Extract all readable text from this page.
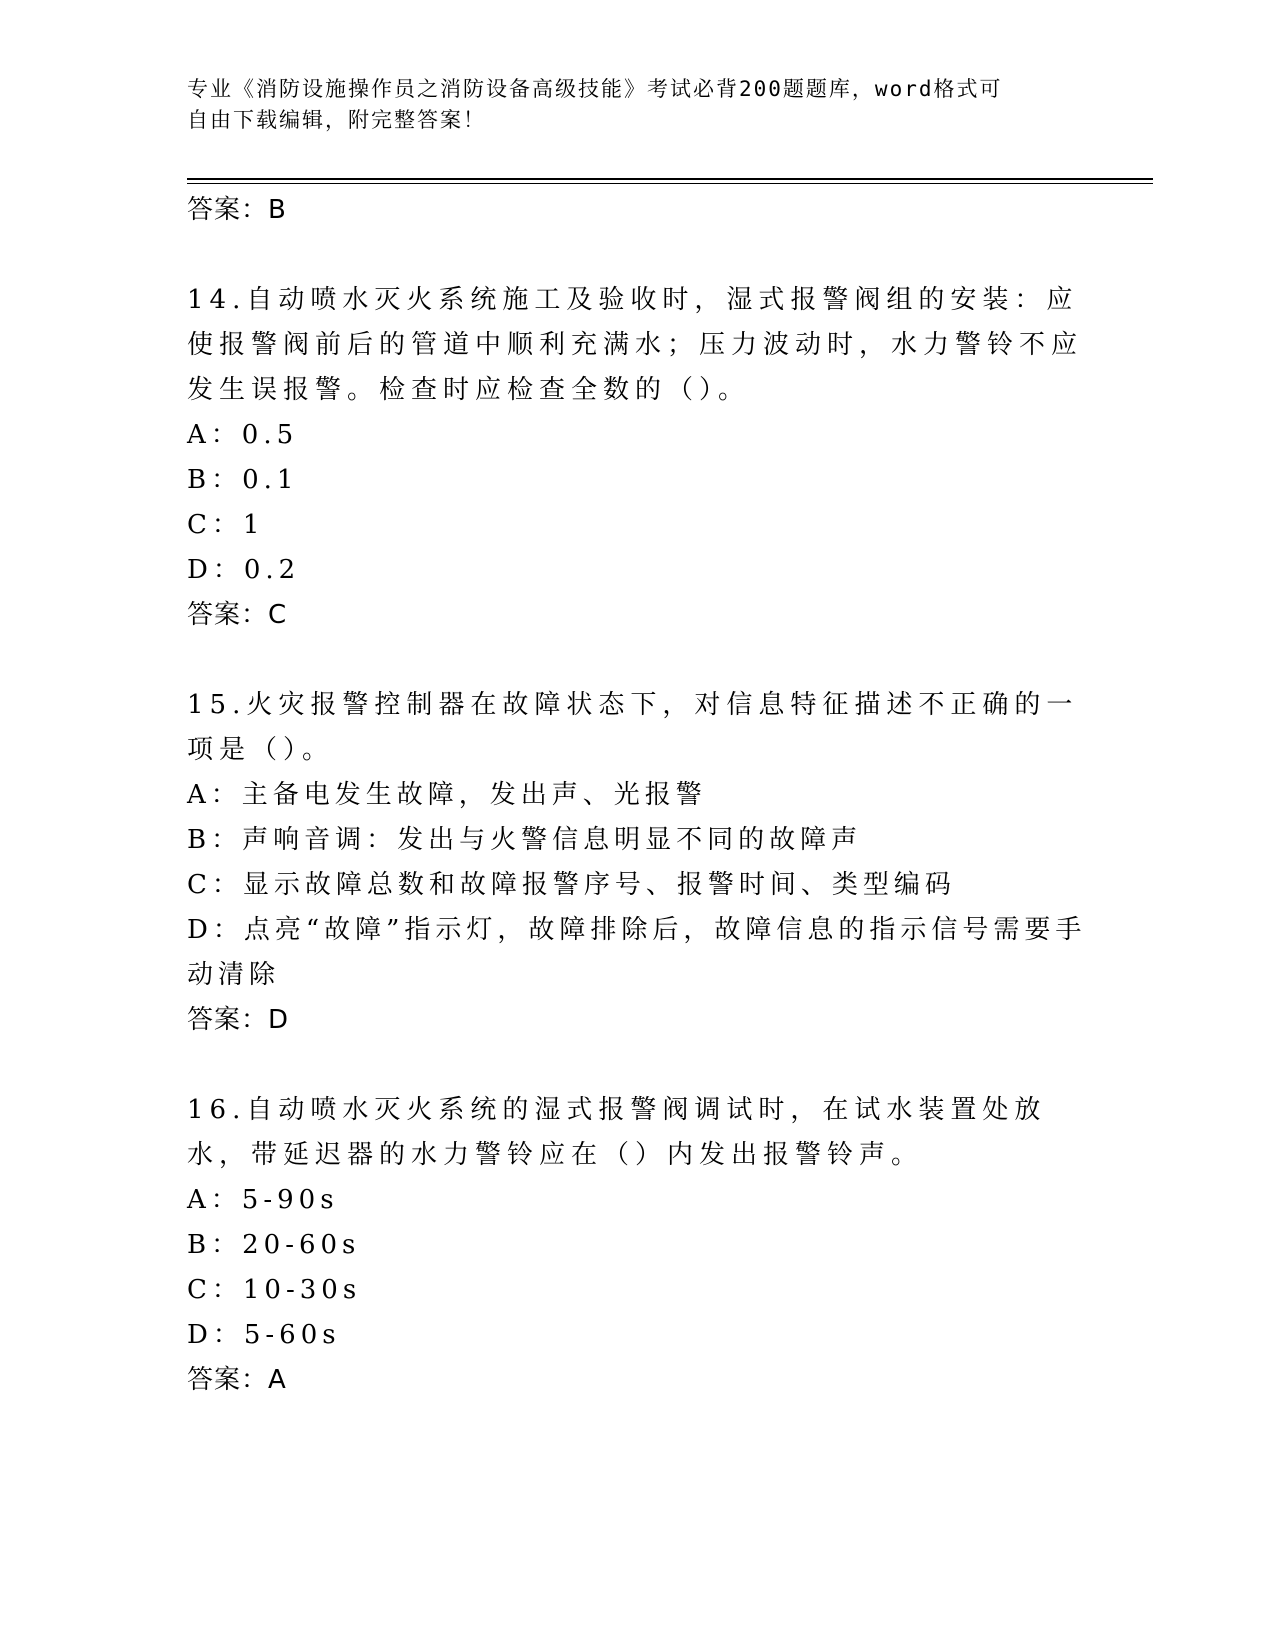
专业《消防设施操作员之消防设备高级技能》考试必背200题题库，word格式可
自由下载编辑，附完整答案！
答案：B
14.自动喷水灭火系统施工及验收时，湿式报警阀组的安装：应使报警阀前后的管道中顺利充满水；压力波动时，水力警铃不应发生误报警。检查时应检查全数的（）。
A：0.5
B：0.1
C：1
D：0.2
答案：C
15.火灾报警控制器在故障状态下，对信息特征描述不正确的一项是（）。
A：主备电发生故障，发出声、光报警
B：声响音调：发出与火警信息明显不同的故障声
C：显示故障总数和故障报警序号、报警时间、类型编码
D：点亮“故障”指示灯，故障排除后，故障信息的指示信号需要手动清除
答案：D
16.自动喷水灭火系统的湿式报警阀调试时，在试水装置处放水，带延迟器的水力警铃应在（）内发出报警铃声。
A：5-90s
B：20-60s
C：10-30s
D：5-60s
答案：A
